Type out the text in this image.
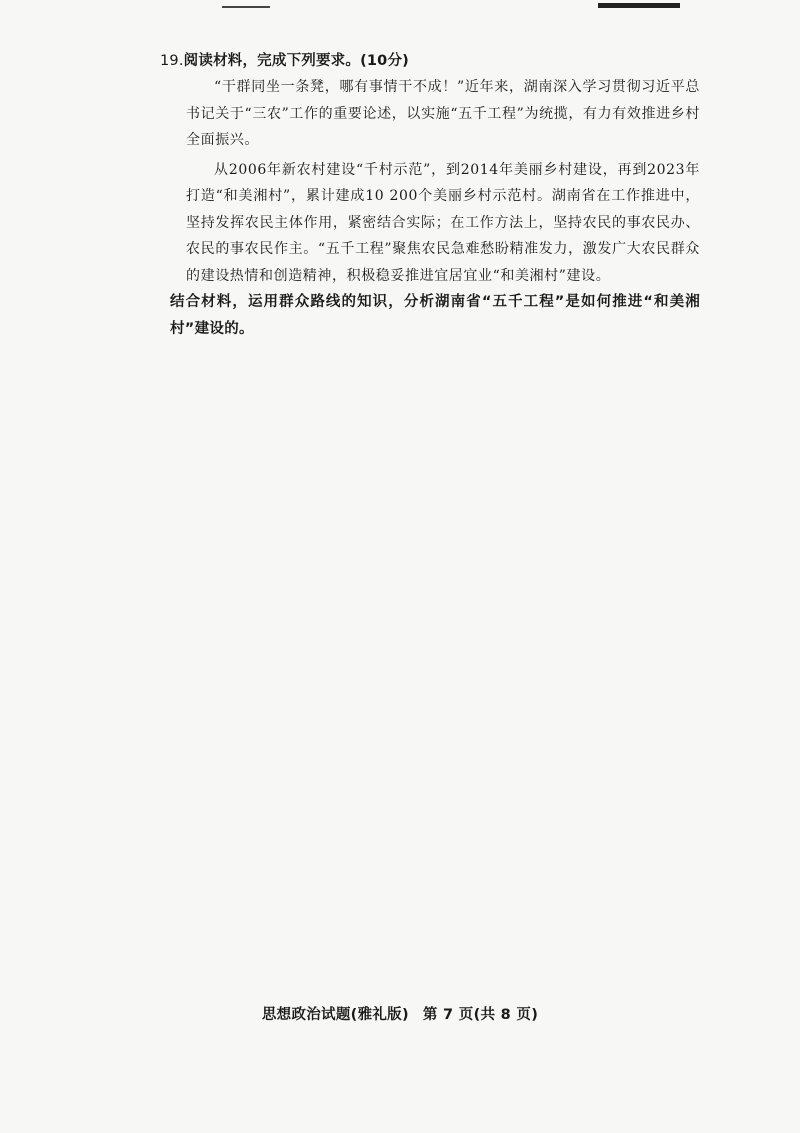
19.阅读材料，完成下列要求。(10分)

“干群同坐一条凳，哪有事情干不成！”近年来，湖南深入学习贯彻习近平总书记关于“三农”工作的重要论述，以实施“五千工程”为统揽，有力有效推进乡村全面振兴。

从2006年新农村建设“千村示范”，到2014年美丽乡村建设，再到2023年打造“和美湘村”，累计建成10 200个美丽乡村示范村。湖南省在工作推进中，坚持发挥农民主体作用，紧密结合实际；在工作方法上，坚持农民的事农民办、农民的事农民作主。“五千工程”聚焦农民急难愁盼精准发力，激发广大农民群众的建设热情和创造精神，积极稳妥推进宜居宜业“和美湘村”建设。

结合材料，运用群众路线的知识，分析湖南省“五千工程”是如何推进“和美湘村”建设的。

思想政治试题(雅礼版) 第 7 页(共 8 页)
